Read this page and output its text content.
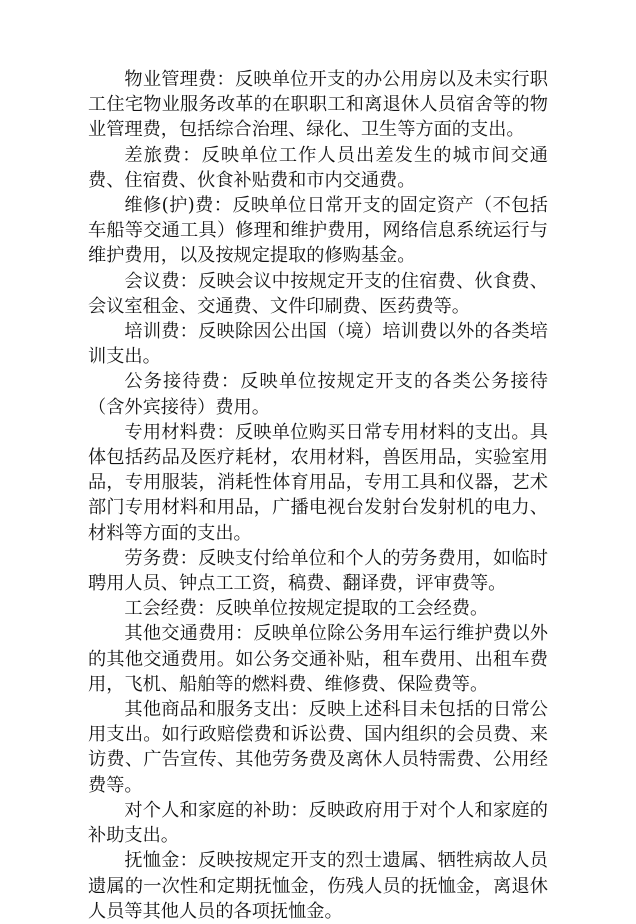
物业管理费：反映单位开支的办公用房以及未实行职工住宅物业服务改革的在职职工和离退休人员宿舍等的物业管理费，包括综合治理、绿化、卫生等方面的支出。

差旅费：反映单位工作人员出差发生的城市间交通费、住宿费、伙食补贴费和市内交通费。

维修(护)费：反映单位日常开支的固定资产（不包括车船等交通工具）修理和维护费用，网络信息系统运行与维护费用，以及按规定提取的修购基金。

会议费：反映会议中按规定开支的住宿费、伙食费、会议室租金、交通费、文件印刷费、医药费等。

培训费：反映除因公出国（境）培训费以外的各类培训支出。

公务接待费：反映单位按规定开支的各类公务接待（含外宾接待）费用。

专用材料费：反映单位购买日常专用材料的支出。具体包括药品及医疗耗材，农用材料，兽医用品，实验室用品，专用服装，消耗性体育用品，专用工具和仪器，艺术部门专用材料和用品，广播电视台发射台发射机的电力、材料等方面的支出。

劳务费：反映支付给单位和个人的劳务费用，如临时聘用人员、钟点工工资，稿费、翻译费，评审费等。

工会经费：反映单位按规定提取的工会经费。

其他交通费用：反映单位除公务用车运行维护费以外的其他交通费用。如公务交通补贴，租车费用、出租车费用，飞机、船舶等的燃料费、维修费、保险费等。

其他商品和服务支出：反映上述科目未包括的日常公用支出。如行政赔偿费和诉讼费、国内组织的会员费、来访费、广告宣传、其他劳务费及离休人员特需费、公用经费等。

对个人和家庭的补助：反映政府用于对个人和家庭的补助支出。

抚恤金：反映按规定开支的烈士遗属、牺牲病故人员遗属的一次性和定期抚恤金，伤残人员的抚恤金，离退休人员等其他人员的各项抚恤金。
